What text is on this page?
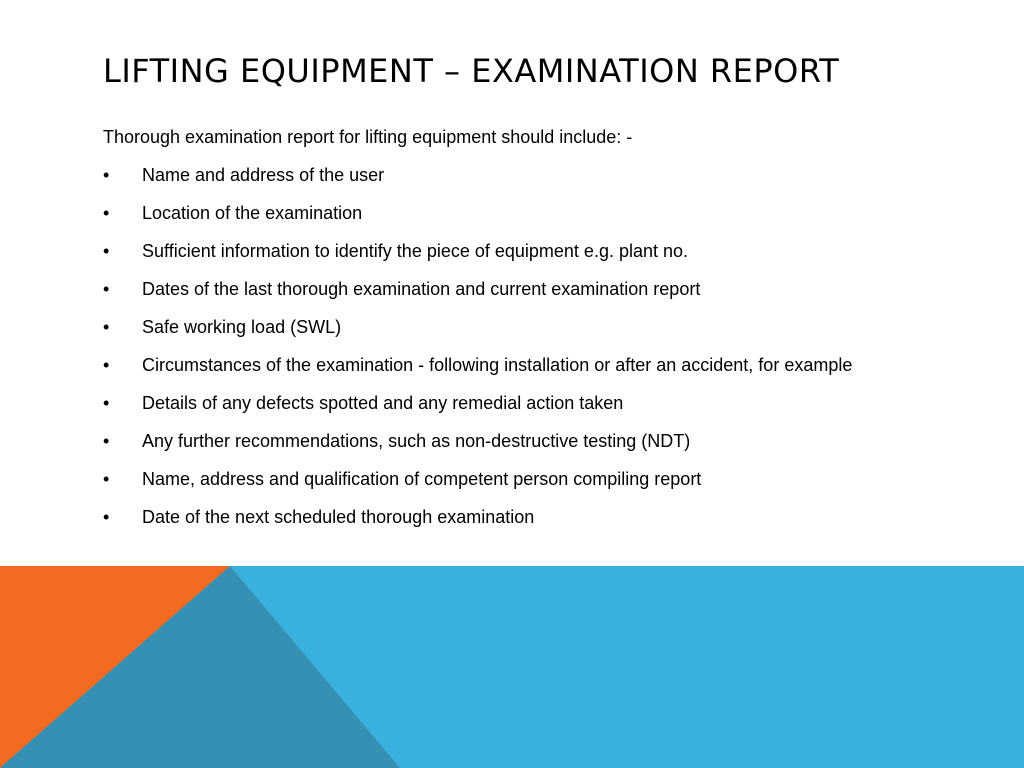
LIFTING EQUIPMENT – EXAMINATION REPORT

Thorough examination report for lifting equipment should include: -

•	Name and address of the user
•	Location of the examination
•	Sufficient information to identify the piece of equipment e.g. plant no.
•	Dates of the last thorough examination and current examination report
•	Safe working load (SWL)
•	Circumstances of the examination - following installation or after an accident, for example
•	Details of any defects spotted and any remedial action taken
•	Any further recommendations, such as non-destructive testing (NDT)
•	Name, address and qualification of competent person compiling report
•	Date of the next scheduled thorough examination
